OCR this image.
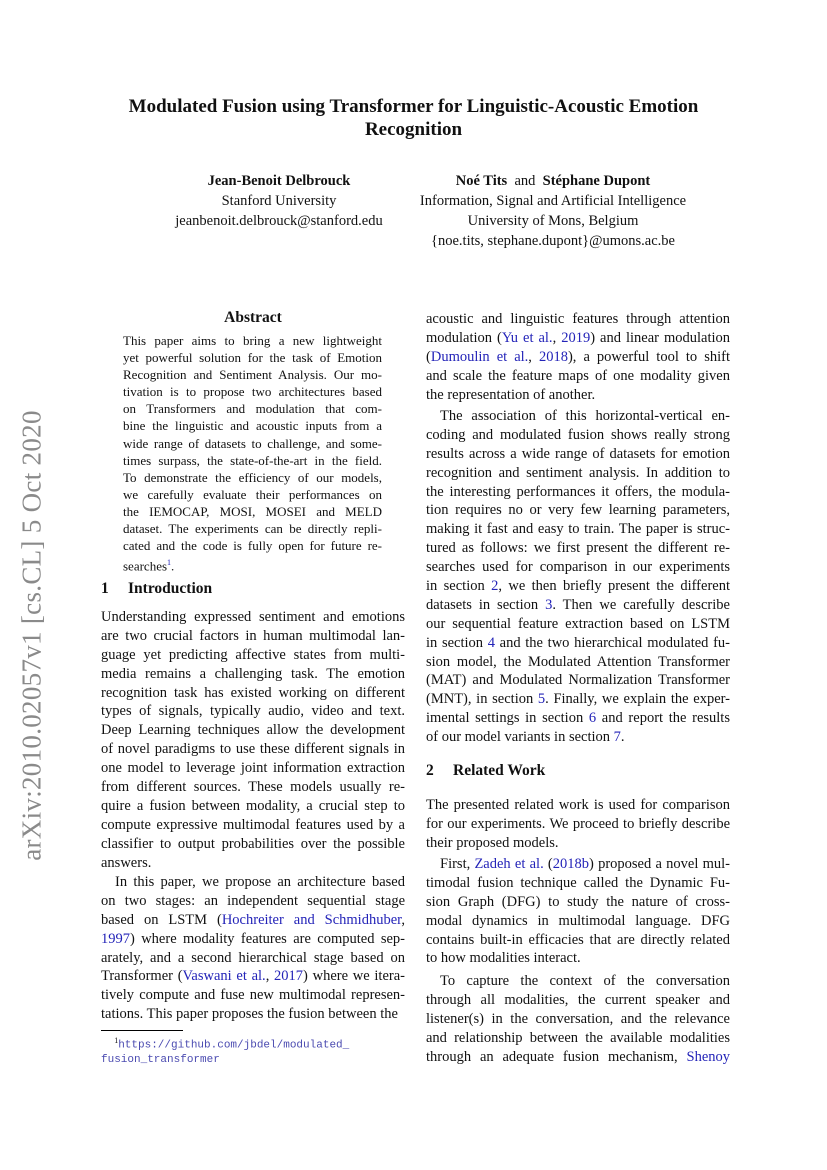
arXiv:2010.02057v1 [cs.CL] 5 Oct 2020
Modulated Fusion using Transformer for Linguistic-Acoustic Emotion
Recognition
Jean-Benoit Delbrouck
Stanford University
jeanbenoit.delbrouck@stanford.edu
Noé Tits and Stéphane Dupont
Information, Signal and Artificial Intelligence
University of Mons, Belgium
{noe.tits, stephane.dupont}@umons.ac.be
Abstract
This paper aims to bring a new lightweight
yet powerful solution for the task of Emotion
Recognition and Sentiment Analysis. Our mo-
tivation is to propose two architectures based
on Transformers and modulation that com-
bine the linguistic and acoustic inputs from a
wide range of datasets to challenge, and some-
times surpass, the state-of-the-art in the field.
To demonstrate the efficiency of our models,
we carefully evaluate their performances on
the IEMOCAP, MOSI, MOSEI and MELD
dataset. The experiments can be directly repli-
cated and the code is fully open for future re-
searches$^1$.
1 Introduction
Understanding expressed sentiment and emotions
are two crucial factors in human multimodal lan-
guage yet predicting affective states from multi-
media remains a challenging task. The emotion
recognition task has existed working on different
types of signals, typically audio, video and text.
Deep Learning techniques allow the development
of novel paradigms to use these different signals in
one model to leverage joint information extraction
from different sources. These models usually re-
quire a fusion between modality, a crucial step to
compute expressive multimodal features used by a
classifier to output probabilities over the possible
answers.
In this paper, we propose an architecture based
on two stages: an independent sequential stage
based on LSTM (Hochreiter and Schmidhuber,
1997) where modality features are computed sep-
arately, and a second hierarchical stage based on
Transformer (Vaswani et al., 2017) where we itera-
tively compute and fuse new multimodal represen-
tations. This paper proposes the fusion between the
$^1$https://github.com/jbdel/modulated_
fusion_transformer
acoustic and linguistic features through attention
modulation (Yu et al., 2019) and linear modulation
(Dumoulin et al., 2018), a powerful tool to shift
and scale the feature maps of one modality given
the representation of another.
The association of this horizontal-vertical en-
coding and modulated fusion shows really strong
results across a wide range of datasets for emotion
recognition and sentiment analysis. In addition to
the interesting performances it offers, the modula-
tion requires no or very few learning parameters,
making it fast and easy to train. The paper is struc-
tured as follows: we first present the different re-
searches used for comparison in our experiments
in section 2, we then briefly present the different
datasets in section 3. Then we carefully describe
our sequential feature extraction based on LSTM
in section 4 and the two hierarchical modulated fu-
sion model, the Modulated Attention Transformer
(MAT) and Modulated Normalization Transformer
(MNT), in section 5. Finally, we explain the exper-
imental settings in section 6 and report the results
of our model variants in section 7.
2 Related Work
The presented related work is used for comparison
for our experiments. We proceed to briefly describe
their proposed models.
First, Zadeh et al. (2018b) proposed a novel mul-
timodal fusion technique called the Dynamic Fu-
sion Graph (DFG) to study the nature of cross-
modal dynamics in multimodal language. DFG
contains built-in efficacies that are directly related
to how modalities interact.
To capture the context of the conversation
through all modalities, the current speaker and
listener(s) in the conversation, and the relevance
and relationship between the available modalities
through an adequate fusion mechanism, Shenoy
